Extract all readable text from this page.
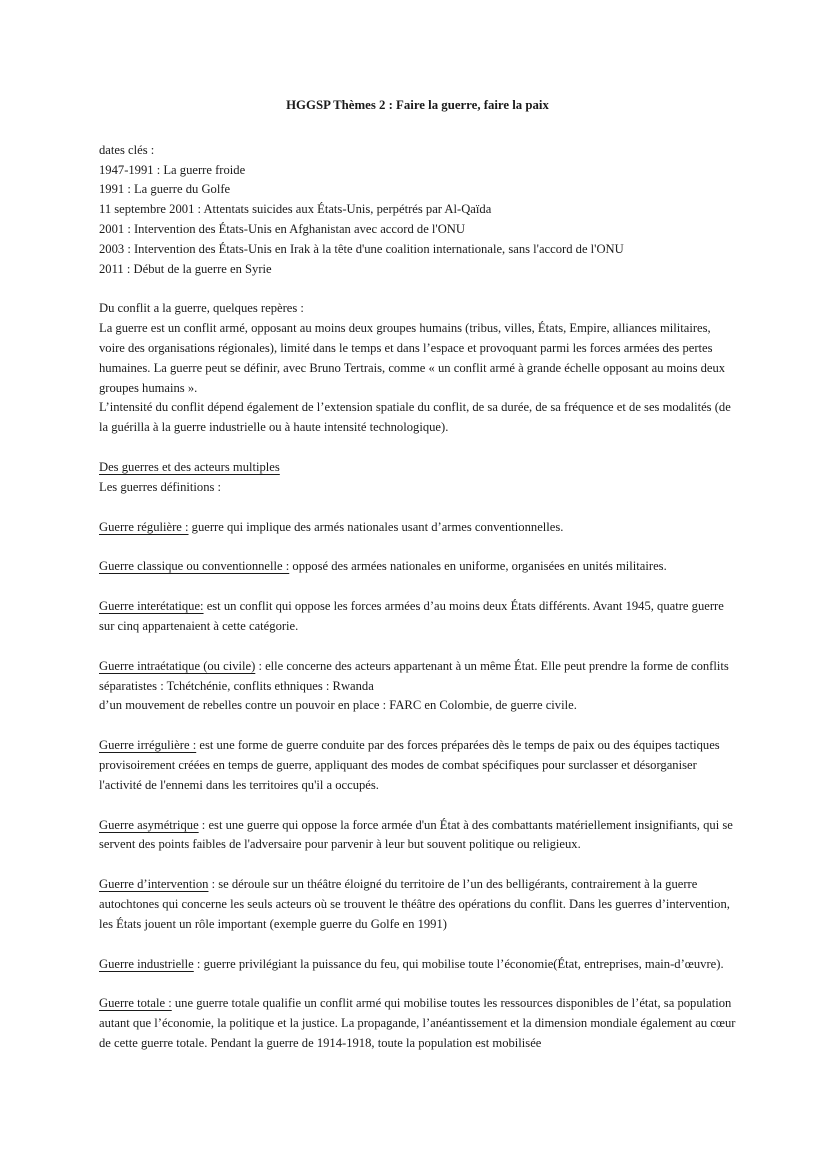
HGGSP Thèmes 2 : Faire la guerre, faire la paix

dates clés :

1947-1991 : La guerre froide

1991 : La guerre du Golfe

11 septembre 2001 : Attentats suicides aux États-Unis, perpétrés par Al-Qaïda

2001 : Intervention des États-Unis en Afghanistan avec accord de l'ONU

2003 : Intervention des États-Unis en Irak à la tête d'une coalition internationale, sans l'accord de l'ONU

2011 : Début de la guerre en Syrie

Du conflit a la guerre, quelques repères :

La guerre est un conflit armé, opposant au moins deux groupes humains (tribus, villes, États, Empire, alliances militaires, voire des organisations régionales), limité dans le temps et dans l’espace et provoquant parmi les forces armées des pertes humaines. La guerre peut se définir, avec Bruno Tertrais, comme « un conflit armé à grande échelle opposant au moins deux groupes humains ».

L’intensité du conflit dépend également de l’extension spatiale du conflit, de sa durée, de sa fréquence et de ses modalités (de la guérilla à la guerre industrielle ou à haute intensité technologique).

Des guerres et des acteurs multiples

Les guerres définitions :

Guerre régulière : guerre qui implique des armés nationales usant d’armes conventionnelles.

Guerre classique ou conventionnelle : opposé des armées nationales en uniforme, organisées en unités militaires.

Guerre interétatique: est un conflit qui oppose les forces armées d’au moins deux États différents. Avant 1945, quatre guerre sur cinq appartenaient à cette catégorie.

Guerre intraétatique (ou civile) : elle concerne des acteurs appartenant à un même État. Elle peut prendre la forme de conflits séparatistes : Tchétchénie, conflits ethniques : Rwanda

d’un mouvement de rebelles contre un pouvoir en place : FARC en Colombie, de guerre civile.

Guerre irrégulière : est une forme de guerre conduite par des forces préparées dès le temps de paix ou des équipes tactiques provisoirement créées en temps de guerre, appliquant des modes de combat spécifiques pour surclasser et désorganiser l'activité de l'ennemi dans les territoires qu'il a occupés.

Guerre asymétrique : est une guerre qui oppose la force armée d'un État à des combattants matériellement insignifiants, qui se servent des points faibles de l'adversaire pour parvenir à leur but souvent politique ou religieux.

Guerre d’intervention : se déroule sur un théâtre éloigné du territoire de l’un des belligérants, contrairement à la guerre autochtones qui concerne les seuls acteurs où se trouvent le théâtre des opérations du conflit. Dans les guerres d’intervention, les États jouent un rôle important (exemple guerre du Golfe en 1991)

Guerre industrielle : guerre privilégiant la puissance du feu, qui mobilise toute l’économie(État, entreprises, main-d’œuvre).

Guerre totale : une guerre totale qualifie un conflit armé qui mobilise toutes les ressources disponibles de l’état, sa population autant que l’économie, la politique et la justice. La propagande, l’anéantissement et la dimension mondiale également au cœur de cette guerre totale. Pendant la guerre de 1914-1918, toute la population est mobilisée
